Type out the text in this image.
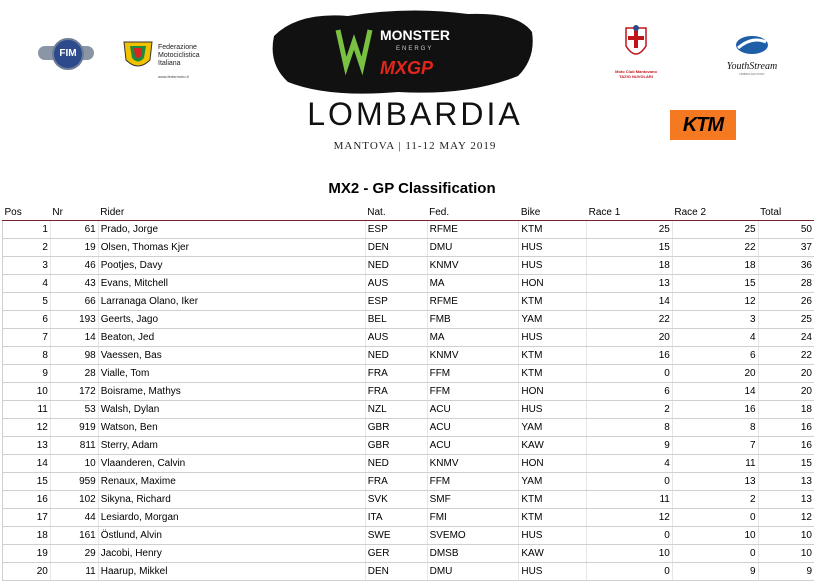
FIM
Federazione Motociclistica Italiana
www.federmoto.it
MONSTER
ENERGY
MXGP
LOMBARDIA
MANTOVA | 11-12 MAY 2019
Moto Club Mantovano
TAZIO NUVOLARI
YouthStream
URBAN FACTORY
KTM
MX2 - GP Classification
Pos	Nr	Rider	Nat.	Fed.	Bike	Race 1	Race 2	Total
1	61	Prado, Jorge	ESP	RFME	KTM	25	25	50
2	19	Olsen, Thomas Kjer	DEN	DMU	HUS	15	22	37
3	46	Pootjes, Davy	NED	KNMV	HUS	18	18	36
4	43	Evans, Mitchell	AUS	MA	HON	13	15	28
5	66	Larranaga Olano, Iker	ESP	RFME	KTM	14	12	26
6	193	Geerts, Jago	BEL	FMB	YAM	22	3	25
7	14	Beaton, Jed	AUS	MA	HUS	20	4	24
8	98	Vaessen, Bas	NED	KNMV	KTM	16	6	22
9	28	Vialle, Tom	FRA	FFM	KTM	0	20	20
10	172	Boisrame, Mathys	FRA	FFM	HON	6	14	20
11	53	Walsh, Dylan	NZL	ACU	HUS	2	16	18
12	919	Watson, Ben	GBR	ACU	YAM	8	8	16
13	811	Sterry, Adam	GBR	ACU	KAW	9	7	16
14	10	Vlaanderen, Calvin	NED	KNMV	HON	4	11	15
15	959	Renaux, Maxime	FRA	FFM	YAM	0	13	13
16	102	Sikyna, Richard	SVK	SMF	KTM	11	2	13
17	44	Lesiardo, Morgan	ITA	FMI	KTM	12	0	12
18	161	Östlund, Alvin	SWE	SVEMO	HUS	0	10	10
19	29	Jacobi, Henry	GER	DMSB	KAW	10	0	10
20	11	Haarup, Mikkel	DEN	DMU	HUS	0	9	9
